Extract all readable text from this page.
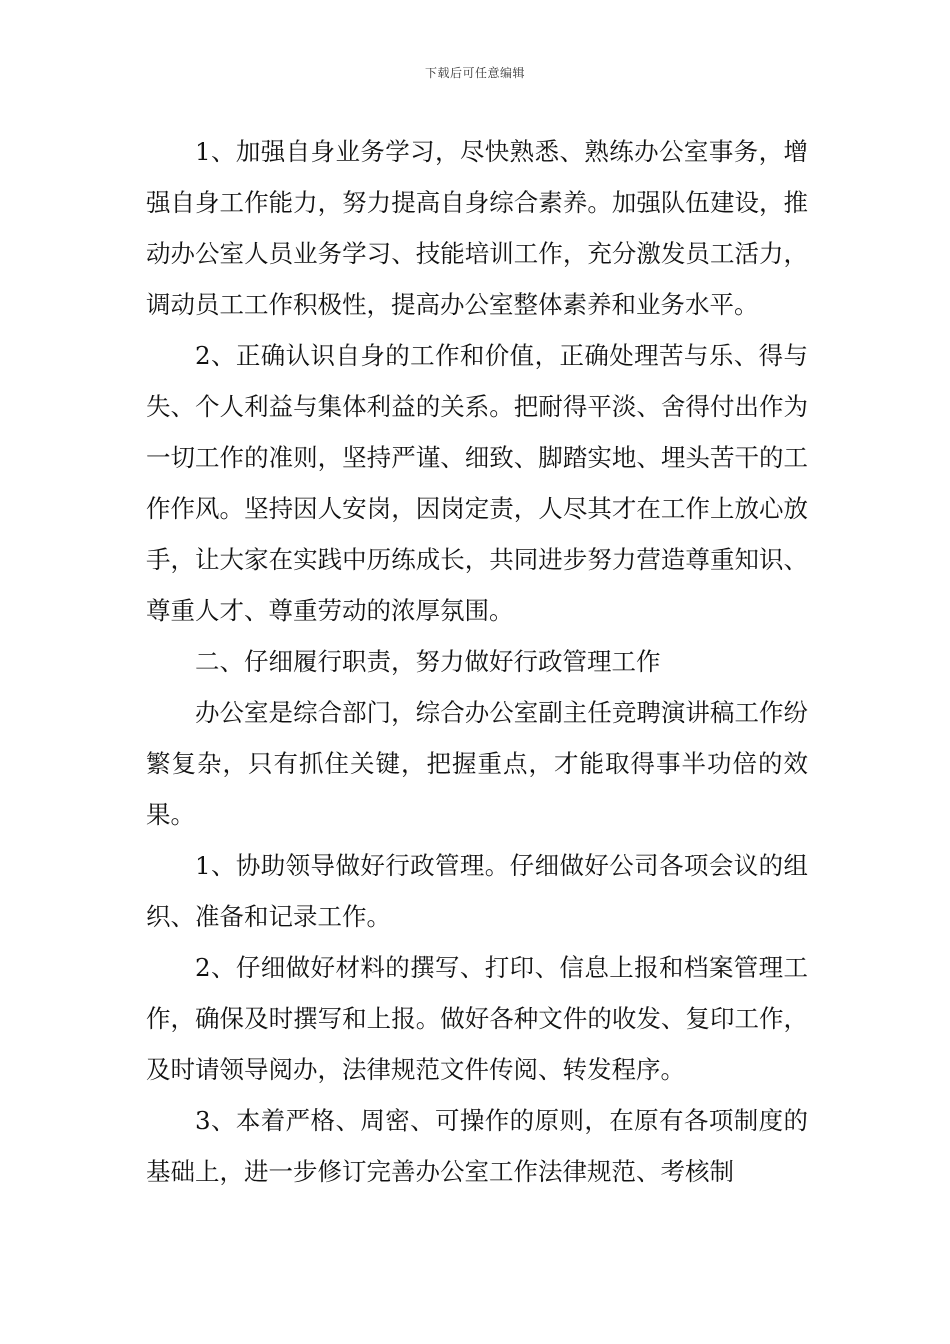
下载后可任意编辑

1、加强自身业务学习，尽快熟悉、熟练办公室事务，增强自身工作能力，努力提高自身综合素养。加强队伍建设，推动办公室人员业务学习、技能培训工作，充分激发员工活力，调动员工工作积极性，提高办公室整体素养和业务水平。

2、正确认识自身的工作和价值，正确处理苦与乐、得与失、个人利益与集体利益的关系。把耐得平淡、舍得付出作为一切工作的准则，坚持严谨、细致、脚踏实地、埋头苦干的工作作风。坚持因人安岗，因岗定责，人尽其才在工作上放心放手，让大家在实践中历练成长，共同进步努力营造尊重知识、尊重人才、尊重劳动的浓厚氛围。

二、仔细履行职责，努力做好行政管理工作

办公室是综合部门，综合办公室副主任竞聘演讲稿工作纷繁复杂，只有抓住关键，把握重点，才能取得事半功倍的效果。

1、协助领导做好行政管理。仔细做好公司各项会议的组织、准备和记录工作。

2、仔细做好材料的撰写、打印、信息上报和档案管理工作，确保及时撰写和上报。做好各种文件的收发、复印工作，及时请领导阅办，法律规范文件传阅、转发程序。

3、本着严格、周密、可操作的原则，在原有各项制度的基础上，进一步修订完善办公室工作法律规范、考核制
